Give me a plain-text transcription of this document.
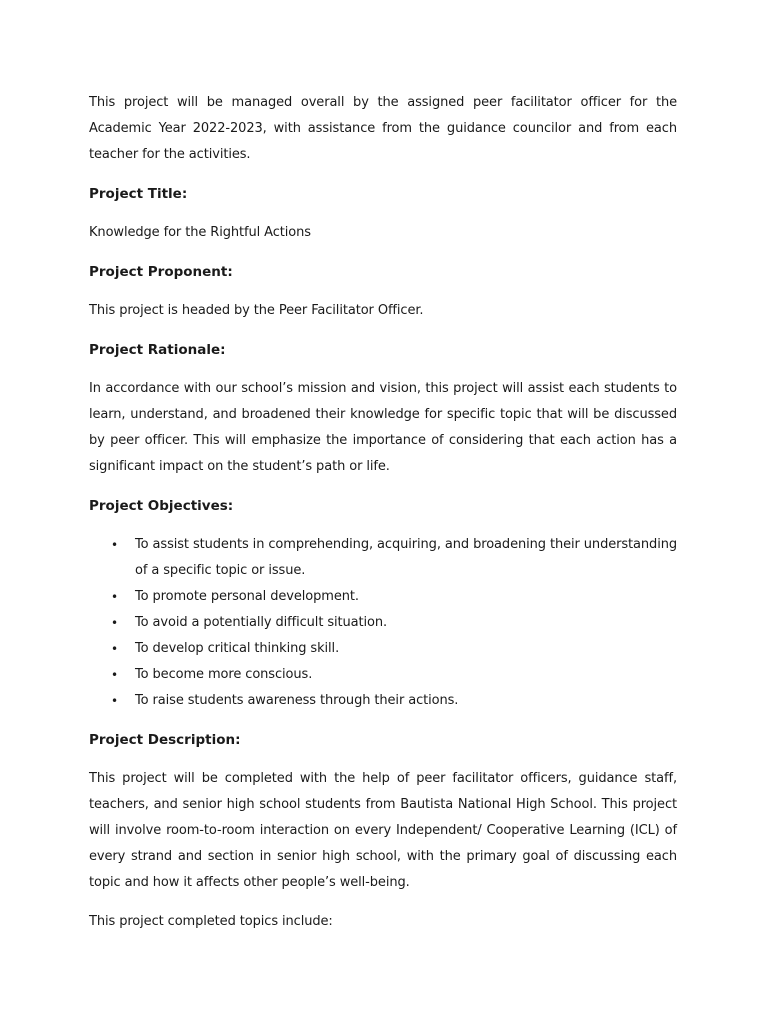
This project will be managed overall by the assigned peer facilitator officer for the Academic Year 2022-2023, with assistance from the guidance councilor and from each teacher for the activities.

Project Title:

Knowledge for the Rightful Actions

Project Proponent:

This project is headed by the Peer Facilitator Officer.

Project Rationale:

In accordance with our school’s mission and vision, this project will assist each students to learn, understand, and broadened their knowledge for specific topic that will be discussed by peer officer. This will emphasize the importance of considering that each action has a significant impact on the student’s path or life.

Project Objectives:
• To assist students in comprehending, acquiring, and broadening their understanding of a specific topic or issue.
• To promote personal development.
• To avoid a potentially difficult situation.
• To develop critical thinking skill.
• To become more conscious.
• To raise students awareness through their actions.
Project Description:

This project will be completed with the help of peer facilitator officers, guidance staff, teachers, and senior high school students from Bautista National High School. This project will involve room-to-room interaction on every Independent/ Cooperative Learning (ICL) of every strand and section in senior high school, with the primary goal of discussing each topic and how it affects other people’s well-being.

This project completed topics include:
